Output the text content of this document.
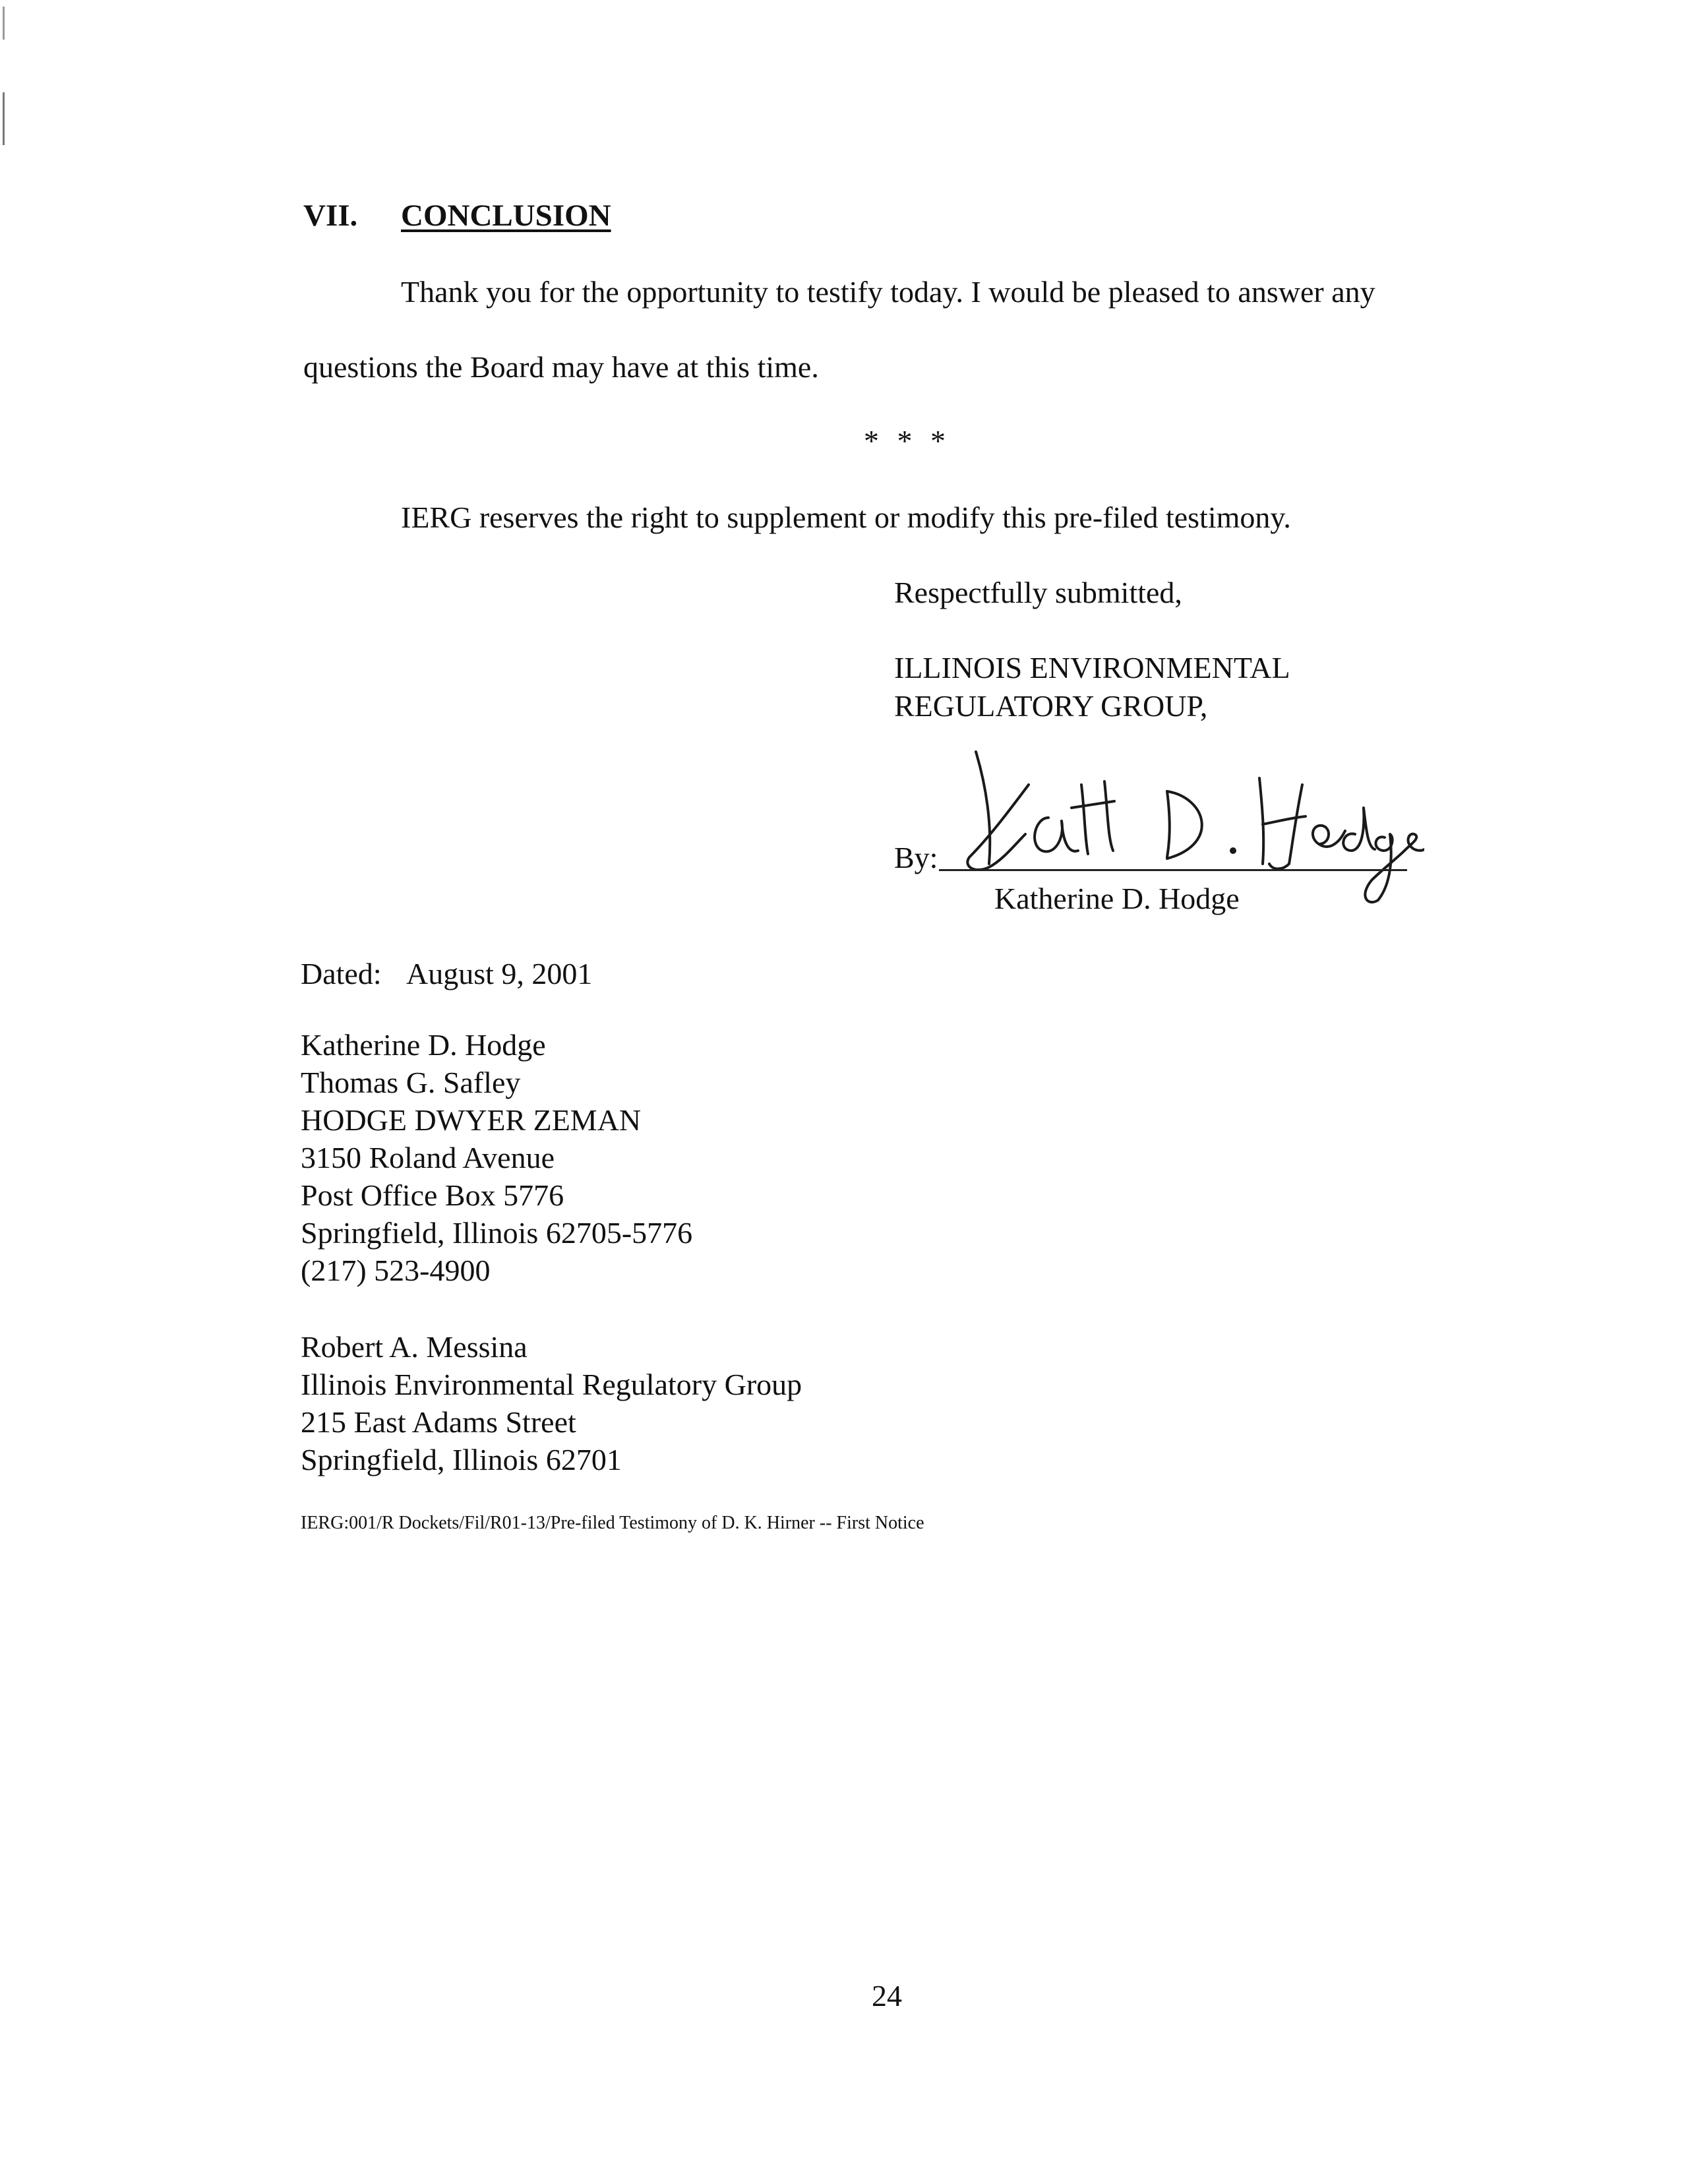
VII. CONCLUSION
Thank you for the opportunity to testify today. I would be pleased to answer any
questions the Board may have at this time.
* * *
IERG reserves the right to supplement or modify this pre-filed testimony.
Respectfully submitted,
ILLINOIS ENVIRONMENTAL
REGULATORY GROUP,
By:
Katherine D. Hodge
Dated: August 9, 2001
Katherine D. Hodge
Thomas G. Safley
HODGE DWYER ZEMAN
3150 Roland Avenue
Post Office Box 5776
Springfield, Illinois 62705-5776
(217) 523-4900
Robert A. Messina
Illinois Environmental Regulatory Group
215 East Adams Street
Springfield, Illinois 62701
IERG:001/R Dockets/Fil/R01-13/Pre-filed Testimony of D. K. Hirner -- First Notice
24
